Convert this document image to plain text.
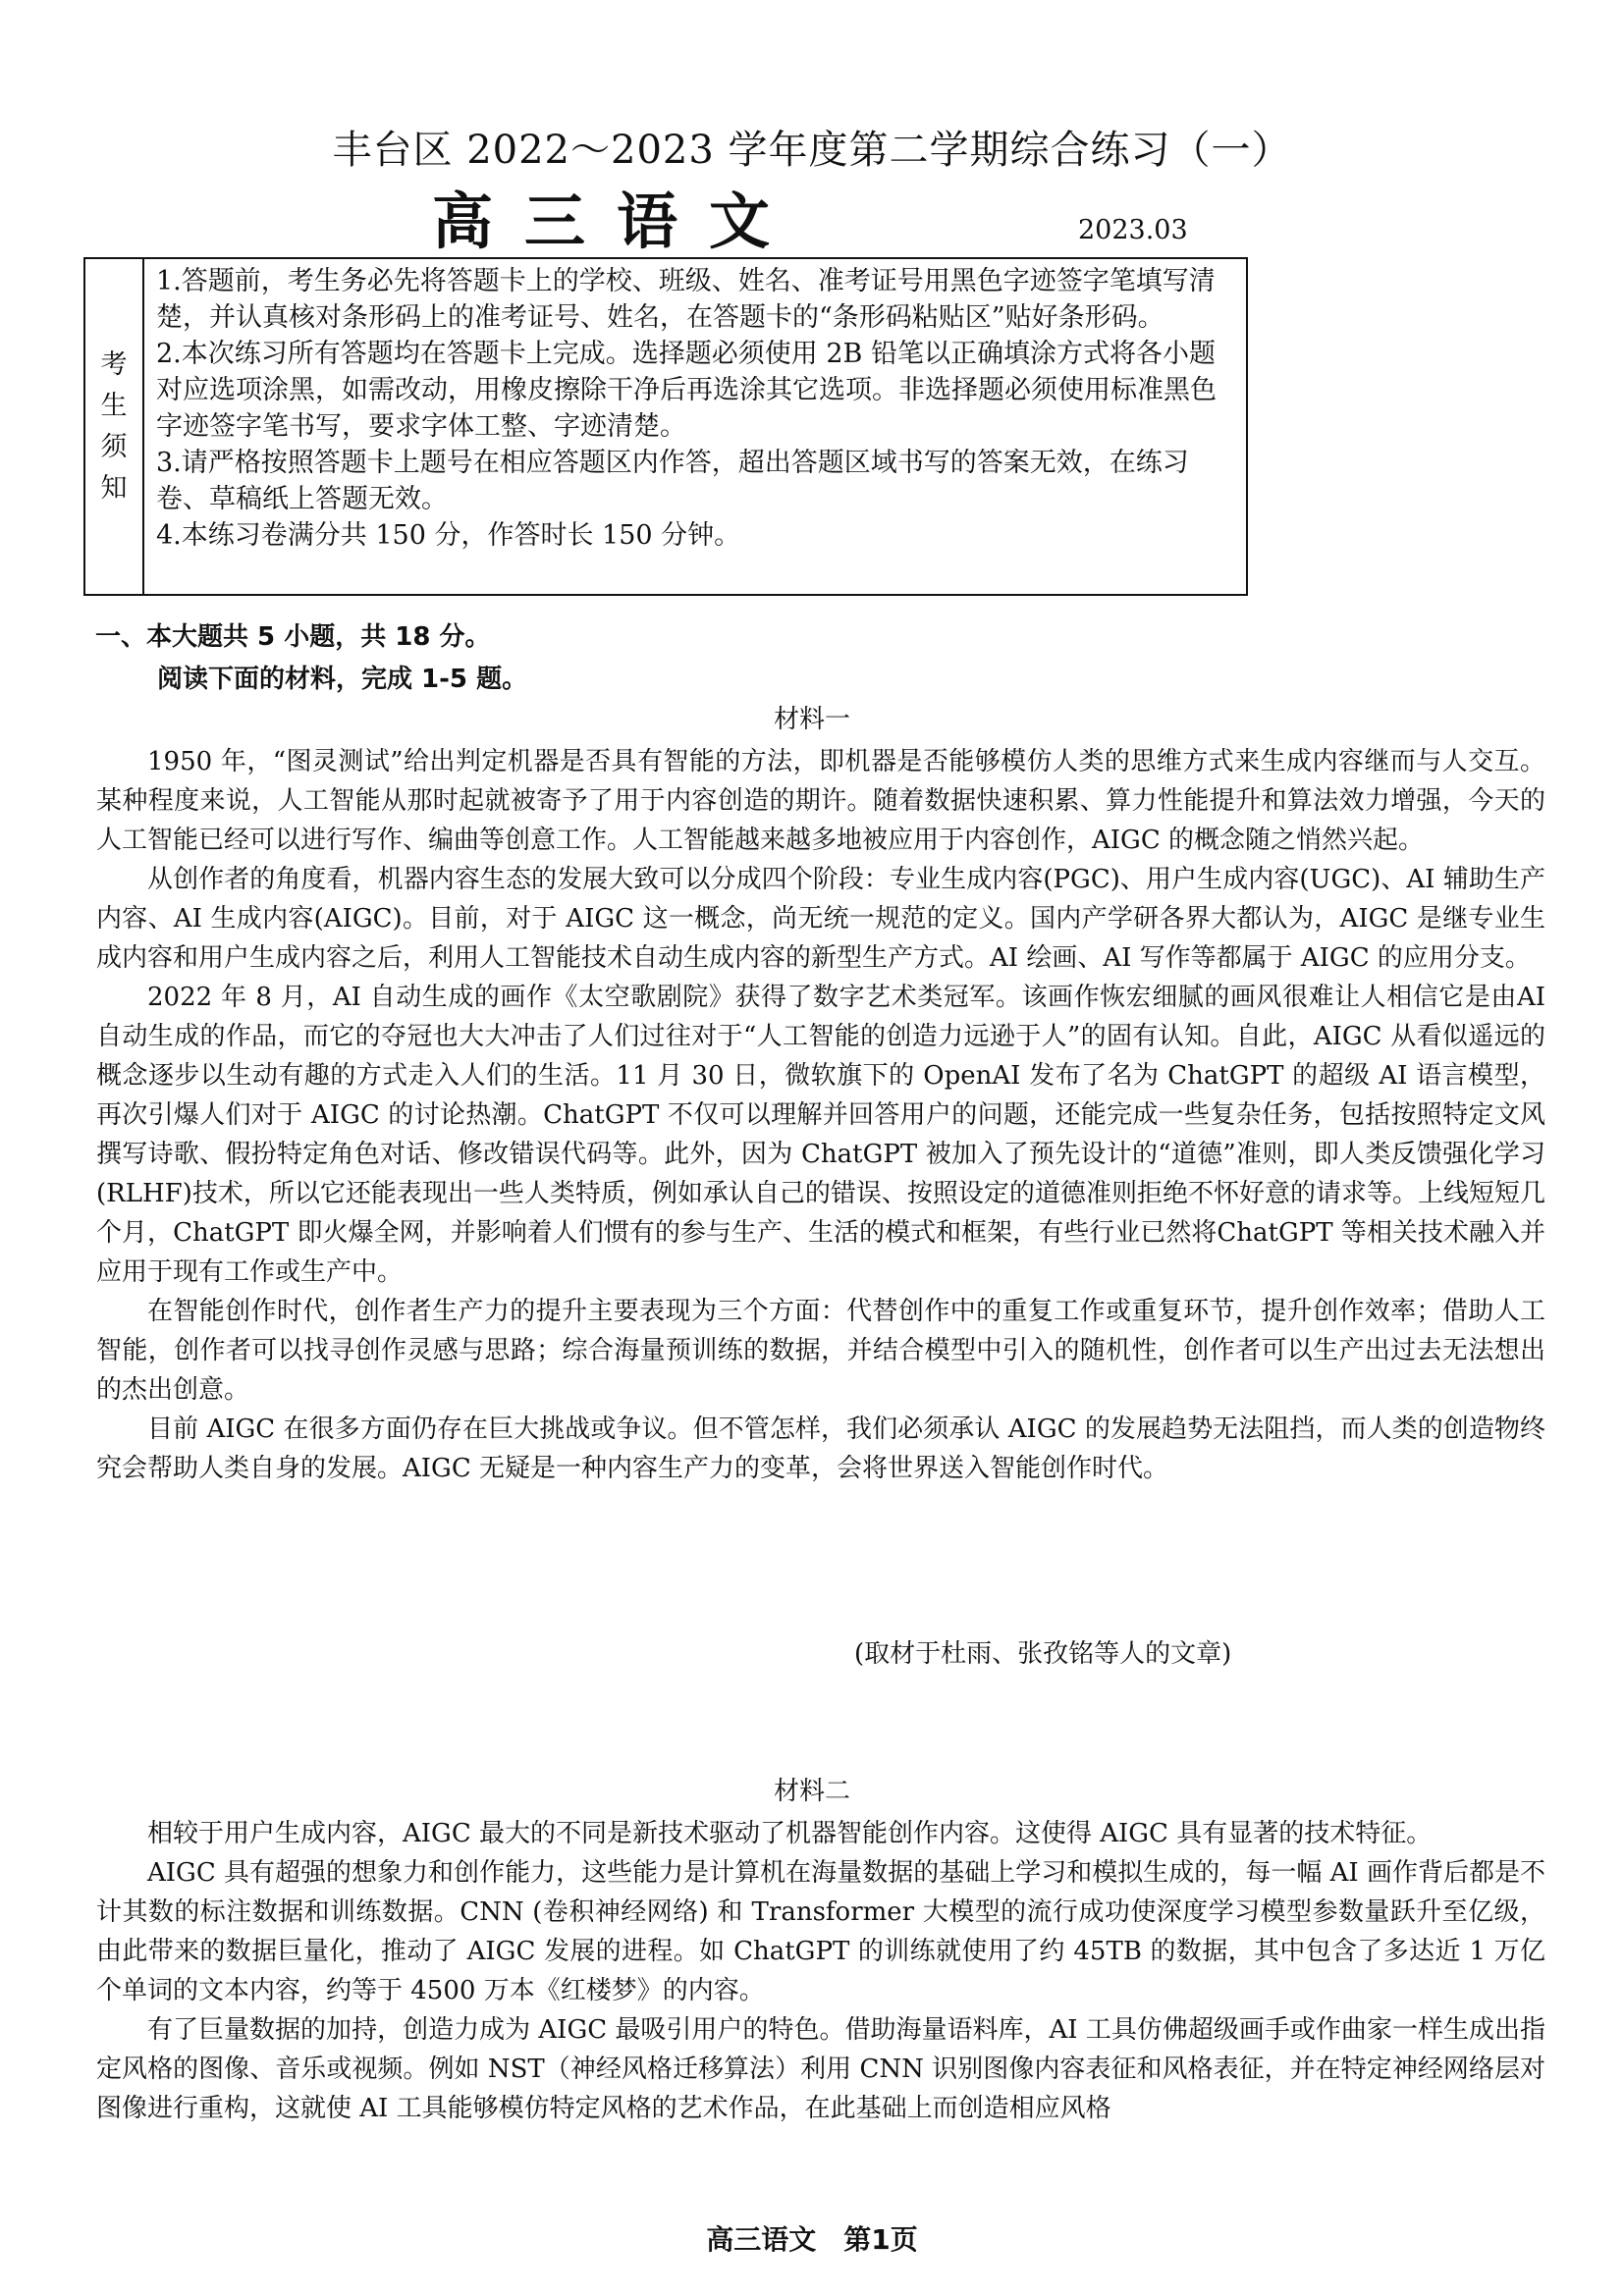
丰台区 2022～2023 学年度第二学期综合练习（一）
高三语文	2023.03
考
生
须
知

1.答题前，考生务必先将答题卡上的学校、班级、姓名、准考证号用黑色字迹签字笔填写清楚，并认真核对条形码上的准考证号、姓名，在答题卡的“条形码粘贴区”贴好条形码。

2.本次练习所有答题均在答题卡上完成。选择题必须使用 2B 铅笔以正确填涂方式将各小题对应选项涂黑，如需改动，用橡皮擦除干净后再选涂其它选项。非选择题必须使用标准黑色字迹签字笔书写，要求字体工整、字迹清楚。

3.请严格按照答题卡上题号在相应答题区内作答，超出答题区域书写的答案无效，在练习卷、草稿纸上答题无效。

4.本练习卷满分共 150 分，作答时长 150 分钟。

一、本大题共 5 小题，共 18 分。
阅读下面的材料，完成 1-5 题。
材料一

1950 年，“图灵测试”给出判定机器是否具有智能的方法，即机器是否能够模仿人类的思维方式来生成内容继而与人交互。某种程度来说，人工智能从那时起就被寄予了用于内容创造的期许。随着数据快速积累、算力性能提升和算法效力增强，今天的人工智能已经可以进行写作、编曲等创意工作。人工智能越来越多地被应用于内容创作，AIGC 的概念随之悄然兴起。

从创作者的角度看，机器内容生态的发展大致可以分成四个阶段：专业生成内容(PGC)、用户生成内容(UGC)、AI 辅助生产内容、AI 生成内容(AIGC)。目前，对于 AIGC 这一概念，尚无统一规范的定义。国内产学研各界大都认为，AIGC 是继专业生成内容和用户生成内容之后，利用人工智能技术自动生成内容的新型生产方式。AI 绘画、AI 写作等都属于 AIGC 的应用分支。

2022 年 8 月，AI 自动生成的画作《太空歌剧院》获得了数字艺术类冠军。该画作恢宏细腻的画风很难让人相信它是由AI 自动生成的作品，而它的夺冠也大大冲击了人们过往对于“人工智能的创造力远逊于人”的固有认知。自此，AIGC 从看似遥远的概念逐步以生动有趣的方式走入人们的生活。11 月 30 日，微软旗下的 OpenAI 发布了名为 ChatGPT 的超级 AI 语言模型，再次引爆人们对于 AIGC 的讨论热潮。ChatGPT 不仅可以理解并回答用户的问题，还能完成一些复杂任务，包括按照特定文风撰写诗歌、假扮特定角色对话、修改错误代码等。此外，因为 ChatGPT 被加入了预先设计的“道德”准则，即人类反馈强化学习(RLHF)技术，所以它还能表现出一些人类特质，例如承认自己的错误、按照设定的道德准则拒绝不怀好意的请求等。上线短短几个月，ChatGPT 即火爆全网，并影响着人们惯有的参与生产、生活的模式和框架，有些行业已然将ChatGPT 等相关技术融入并应用于现有工作或生产中。

在智能创作时代，创作者生产力的提升主要表现为三个方面：代替创作中的重复工作或重复环节，提升创作效率；借助人工智能，创作者可以找寻创作灵感与思路；综合海量预训练的数据，并结合模型中引入的随机性，创作者可以生产出过去无法想出的杰出创意。

目前 AIGC 在很多方面仍存在巨大挑战或争议。但不管怎样，我们必须承认 AIGC 的发展趋势无法阻挡，而人类的创造物终究会帮助人类自身的发展。AIGC 无疑是一种内容生产力的变革，会将世界送入智能创作时代。

(取材于杜雨、张孜铭等人的文章)
材料二

相较于用户生成内容，AIGC 最大的不同是新技术驱动了机器智能创作内容。这使得 AIGC 具有显著的技术特征。

AIGC 具有超强的想象力和创作能力，这些能力是计算机在海量数据的基础上学习和模拟生成的，每一幅 AI 画作背后都是不计其数的标注数据和训练数据。CNN (卷积神经网络) 和 Transformer 大模型的流行成功使深度学习模型参数量跃升至亿级，由此带来的数据巨量化，推动了 AIGC 发展的进程。如 ChatGPT 的训练就使用了约 45TB 的数据，其中包含了多达近 1 万亿个单词的文本内容，约等于 4500 万本《红楼梦》的内容。

有了巨量数据的加持，创造力成为 AIGC 最吸引用户的特色。借助海量语料库，AI 工具仿佛超级画手或作曲家一样生成出指定风格的图像、音乐或视频。例如 NST（神经风格迁移算法）利用 CNN 识别图像内容表征和风格表征，并在特定神经网络层对图像进行重构，这就使 AI 工具能够模仿特定风格的艺术作品，在此基础上而创造相应风格

高三语文　第1页
